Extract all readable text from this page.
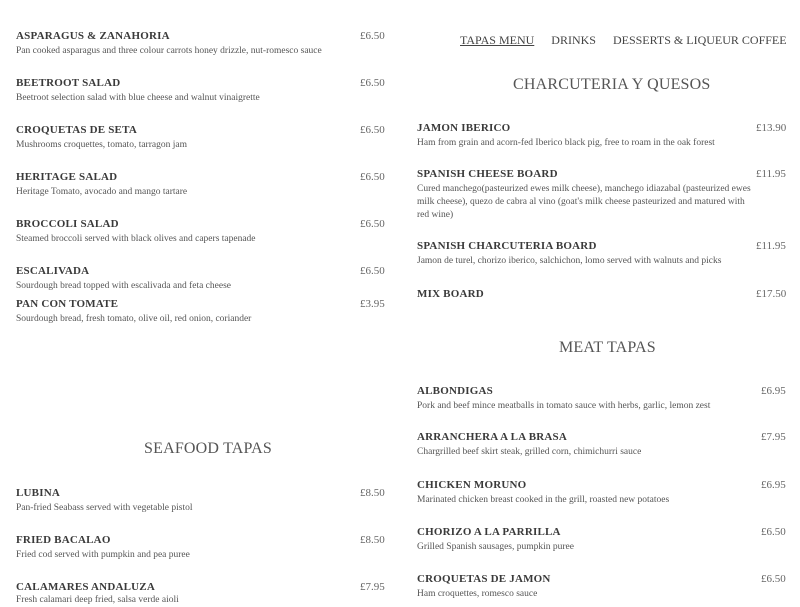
TAPAS MENU DRINKS DESSERTS & LIQUEUR COFFEE
ASPARAGUS & ZANAHORIA	£6.50
Pan cooked asparagus and three colour carrots honey drizzle, nut-romesco sauce
BEETROOT SALAD	£6.50
Beetroot selection salad with blue cheese and walnut vinaigrette
CROQUETAS DE SETA	£6.50
Mushrooms croquettes, tomato, tarragon jam
HERITAGE SALAD	£6.50
Heritage Tomato, avocado and mango tartare
BROCCOLI SALAD	£6.50
Steamed broccoli served with black olives and capers tapenade
ESCALIVADA	£6.50
Sourdough bread topped with escalivada and feta cheese
PAN CON TOMATE	£3.95
Sourdough bread, fresh tomato, olive oil, red onion, coriander
SEAFOOD TAPAS
LUBINA	£8.50
Pan-fried Seabass served with vegetable pistol
FRIED BACALAO	£8.50
Fried cod served with pumpkin and pea puree
CALAMARES ANDALUZA	£7.95
Fresh calamari deep fried, salsa verde aioli
CHARCUTERIA Y QUESOS
JAMON IBERICO	£13.90
Ham from grain and acorn-fed Iberico black pig, free to roam in the oak forest
SPANISH CHEESE BOARD	£11.95
Cured manchego(pasteurized ewes milk cheese), manchego idiazabal (pasteurized ewes milk cheese), quezo de cabra al vino (goat's milk cheese pasteurized and matured with red wine)
SPANISH CHARCUTERIA BOARD	£11.95
Jamon de turel, chorizo iberico, salchichon, lomo served with walnuts and picks
MIX BOARD	£17.50
MEAT TAPAS
ALBONDIGAS	£6.95
Pork and beef mince meatballs in tomato sauce with herbs, garlic, lemon zest
ARRANCHERA A LA BRASA	£7.95
Chargrilled beef skirt steak, grilled corn, chimichurri sauce
CHICKEN MORUNO	£6.95
Marinated chicken breast cooked in the grill, roasted new potatoes
CHORIZO A LA PARRILLA	£6.50
Grilled Spanish sausages, pumpkin puree
CROQUETAS DE JAMON	£6.50
Ham croquettes, romesco sauce
